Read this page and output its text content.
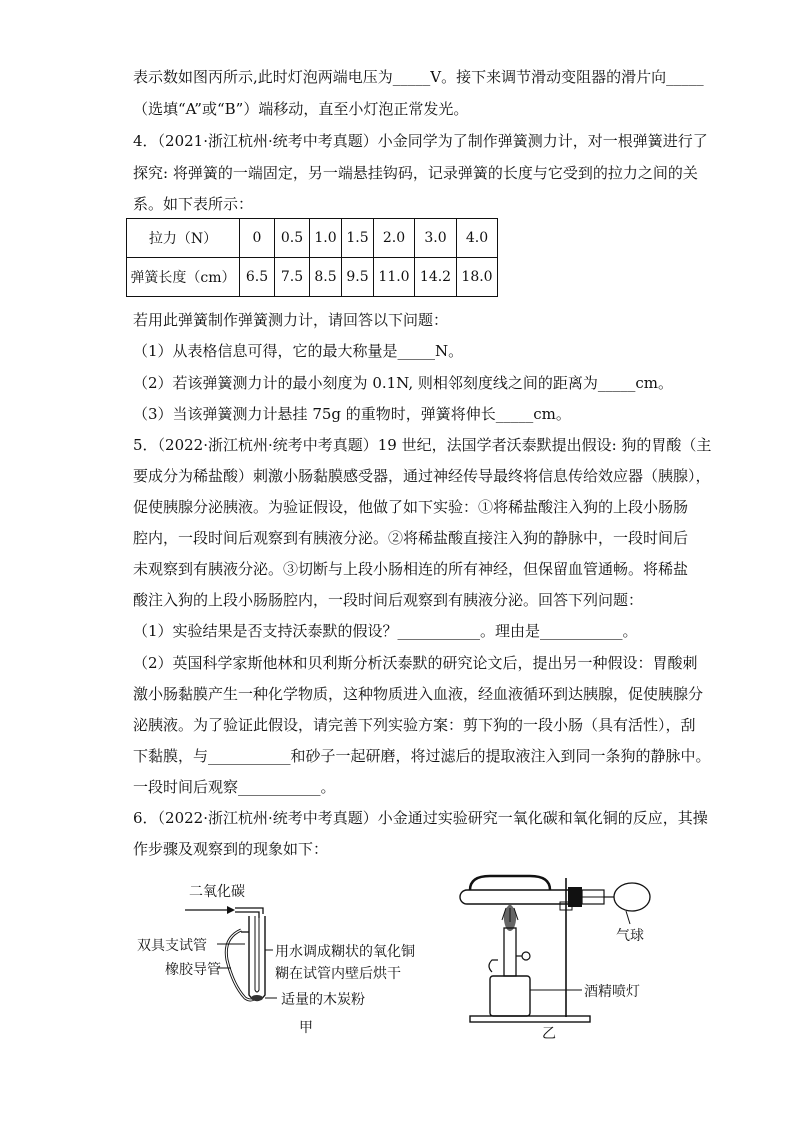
表示数如图丙所示,此时灯泡两端电压为_____V。接下来调节滑动变阻器的滑片向_____
（选填“A”或“B”）端移动，直至小灯泡正常发光。
4．（2021·浙江杭州·统考中考真题）小金同学为了制作弹簧测力计，对一根弹簧进行了
探究: 将弹簧的一端固定，另一端悬挂钩码，记录弹簧的长度与它受到的拉力之间的关
系。如下表所示：
拉力（N）	0	0.5	1.0	1.5	2.0	3.0	4.0
弹簧长度（cm）	6.5	7.5	8.5	9.5	11.0	14.2	18.0
若用此弹簧制作弹簧测力计，请回答以下问题：
（1）从表格信息可得，它的最大称量是_____N。
（2）若该弹簧测力计的最小刻度为 0.1N, 则相邻刻度线之间的距离为_____cm。
（3）当该弹簧测力计悬挂 75g 的重物时，弹簧将伸长_____cm。
5．（2022·浙江杭州·统考中考真题）19 世纪，法国学者沃泰默提出假设: 狗的胃酸（主
要成分为稀盐酸）刺激小肠黏膜感受器，通过神经传导最终将信息传给效应器（胰腺），
促使胰腺分泌胰液。为验证假设，他做了如下实验：①将稀盐酸注入狗的上段小肠肠
腔内，一段时间后观察到有胰液分泌。②将稀盐酸直接注入狗的静脉中，一段时间后
未观察到有胰液分泌。③切断与上段小肠相连的所有神经，但保留血管通畅。将稀盐
酸注入狗的上段小肠肠腔内，一段时间后观察到有胰液分泌。回答下列问题：
（1）实验结果是否支持沃泰默的假设？___________。理由是___________。
（2）英国科学家斯他林和贝利斯分析沃泰默的研究论文后，提出另一种假设：胃酸刺
激小肠黏膜产生一种化学物质，这种物质进入血液，经血液循环到达胰腺，促使胰腺分
泌胰液。为了验证此假设，请完善下列实验方案：剪下狗的一段小肠（具有活性），刮
下黏膜，与___________和砂子一起研磨，将过滤后的提取液注入到同一条狗的静脉中。
一段时间后观察___________。
6．（2022·浙江杭州·统考中考真题）小金通过实验研究一氧化碳和氧化铜的反应，其操
作步骤及观察到的现象如下：
二氧化碳
双具支试管
橡胶导管
用水调成糊状的氧化铜
糊在试管内壁后烘干
适量的木炭粉
甲
气球
酒精喷灯
乙
